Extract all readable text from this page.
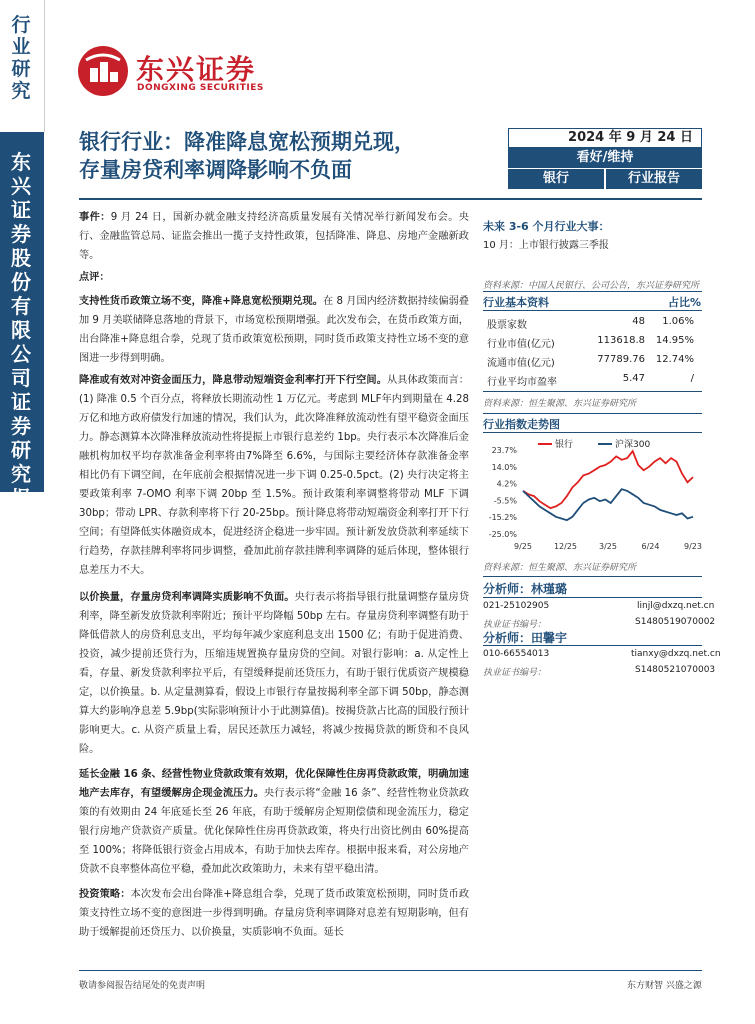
行业研究
东兴证券股份有限公司证券研究报告
东兴证券
DONGXING SECURITIES
银行行业：降准降息宽松预期兑现，
存量房贷利率调降影响不负面
2024 年 9 月 24 日
看好/维持
银行	行业报告
事件：9 月 24 日，国新办就金融支持经济高质量发展有关情况举行新闻发布会。央行、金融监管总局、证监会推出一揽子支持性政策，包括降准、降息、房地产金融新政等。
点评：
支持性货币政策立场不变，降准+降息宽松预期兑现。在 8 月国内经济数据持续偏弱叠加 9 月美联储降息落地的背景下，市场宽松预期增强。此次发布会，在货币政策方面，出台降准+降息组合拳，兑现了货币政策宽松预期，同时货币政策支持性立场不变的意图进一步得到明确。
降准或有效对冲资金面压力，降息带动短端资金利率打开下行空间。从具体政策而言：(1) 降准 0.5 个百分点，将释放长期流动性 1 万亿元。考虑到 MLF年内到期量在 4.28 万亿和地方政府债发行加速的情况，我们认为，此次降准释放流动性有望平稳资金面压力。静态测算本次降准释放流动性将提振上市银行息差约 1bp。央行表示本次降准后金融机构加权平均存款准备金利率将由7%降至 6.6%，与国际主要经济体存款准备金率相比仍有下调空间，在年底前会根据情况进一步下调 0.25-0.5pct。(2) 央行决定将主要政策利率 7-OMO 利率下调 20bp 至 1.5%。预计政策利率调整将带动 MLF 下调 30bp；带动 LPR、存款利率将下行 20-25bp。预计降息将带动短端资金利率打开下行空间；有望降低实体融资成本，促进经济企稳进一步牢固。预计新发放贷款利率延续下行趋势，存款挂牌利率将同步调整，叠加此前存款挂牌利率调降的延后体现，整体银行息差压力不大。
以价换量，存量房贷利率调降实质影响不负面。央行表示将指导银行批量调整存量房贷利率，降至新发放贷款利率附近；预计平均降幅 50bp 左右。存量房贷利率调整有助于降低借款人的房贷利息支出，平均每年减少家庭利息支出 1500 亿；有助于促进消费、投资，减少提前还贷行为，压缩违规置换存量房贷的空间。对银行影响：a. 从定性上看，存量、新发贷款利率拉平后，有望缓释提前还贷压力，有助于银行优质资产规模稳定，以价换量。b. 从定量测算看，假设上市银行存量按揭利率全部下调 50bp，静态测算大约影响净息差 5.9bp(实际影响预计小于此测算值)。按揭贷款占比高的国股行预计影响更大。c. 从资产质量上看，居民还款压力减轻，将减少按揭贷款的断贷和不良风险。
延长金融 16 条、经营性物业贷款政策有效期，优化保障性住房再贷款政策，明确加速地产去库存，有望缓解房企现金流压力。央行表示将“金融 16 条”、经营性物业贷款政策的有效期由 24 年底延长至 26 年底，有助于缓解房企短期偿债和现金流压力，稳定银行房地产贷款资产质量。优化保障性住房再贷款政策，将央行出资比例由 60%提高至 100%；将降低银行资金占用成本，有助于加快去库存。根据申报来看，对公房地产贷款不良率整体高位平稳，叠加此次政策助力，未来有望平稳出清。
投资策略：本次发布会出台降准+降息组合拳，兑现了货币政策宽松预期，同时货币政策支持性立场不变的意图进一步得到明确。存量房贷利率调降对息差有短期影响，但有助于缓解提前还贷压力、以价换量，实质影响不负面。延长
未来 3-6 个月行业大事：
10 月：上市银行披露三季报
资料来源：中国人民银行、公司公告，东兴证券研究所
行业基本资料	占比%
股票家数	48 1.06%
行业市值(亿元)	113618.8 14.95%
流通市值(亿元)	77789.76 12.74%
行业平均市盈率	5.47	/
资料来源：恒生聚源、东兴证券研究所
行业指数走势图
23.7%
14.0%
4.2%
-5.5%
-15.2%
-25.0%
9/25	12/25	3/25	6/24	9/23
银行	沪深300
资料来源：恒生聚源、东兴证券研究所
分析师：林瑾璐
021-25102905	linjl@dxzq.net.cn
执业证书编号：	S1480519070002
分析师：田馨宇
010-66554013	tianxy@dxzq.net.cn
执业证书编号：	S1480521070003
敬请参阅报告结尾处的免责声明	东方财智 兴盛之源
